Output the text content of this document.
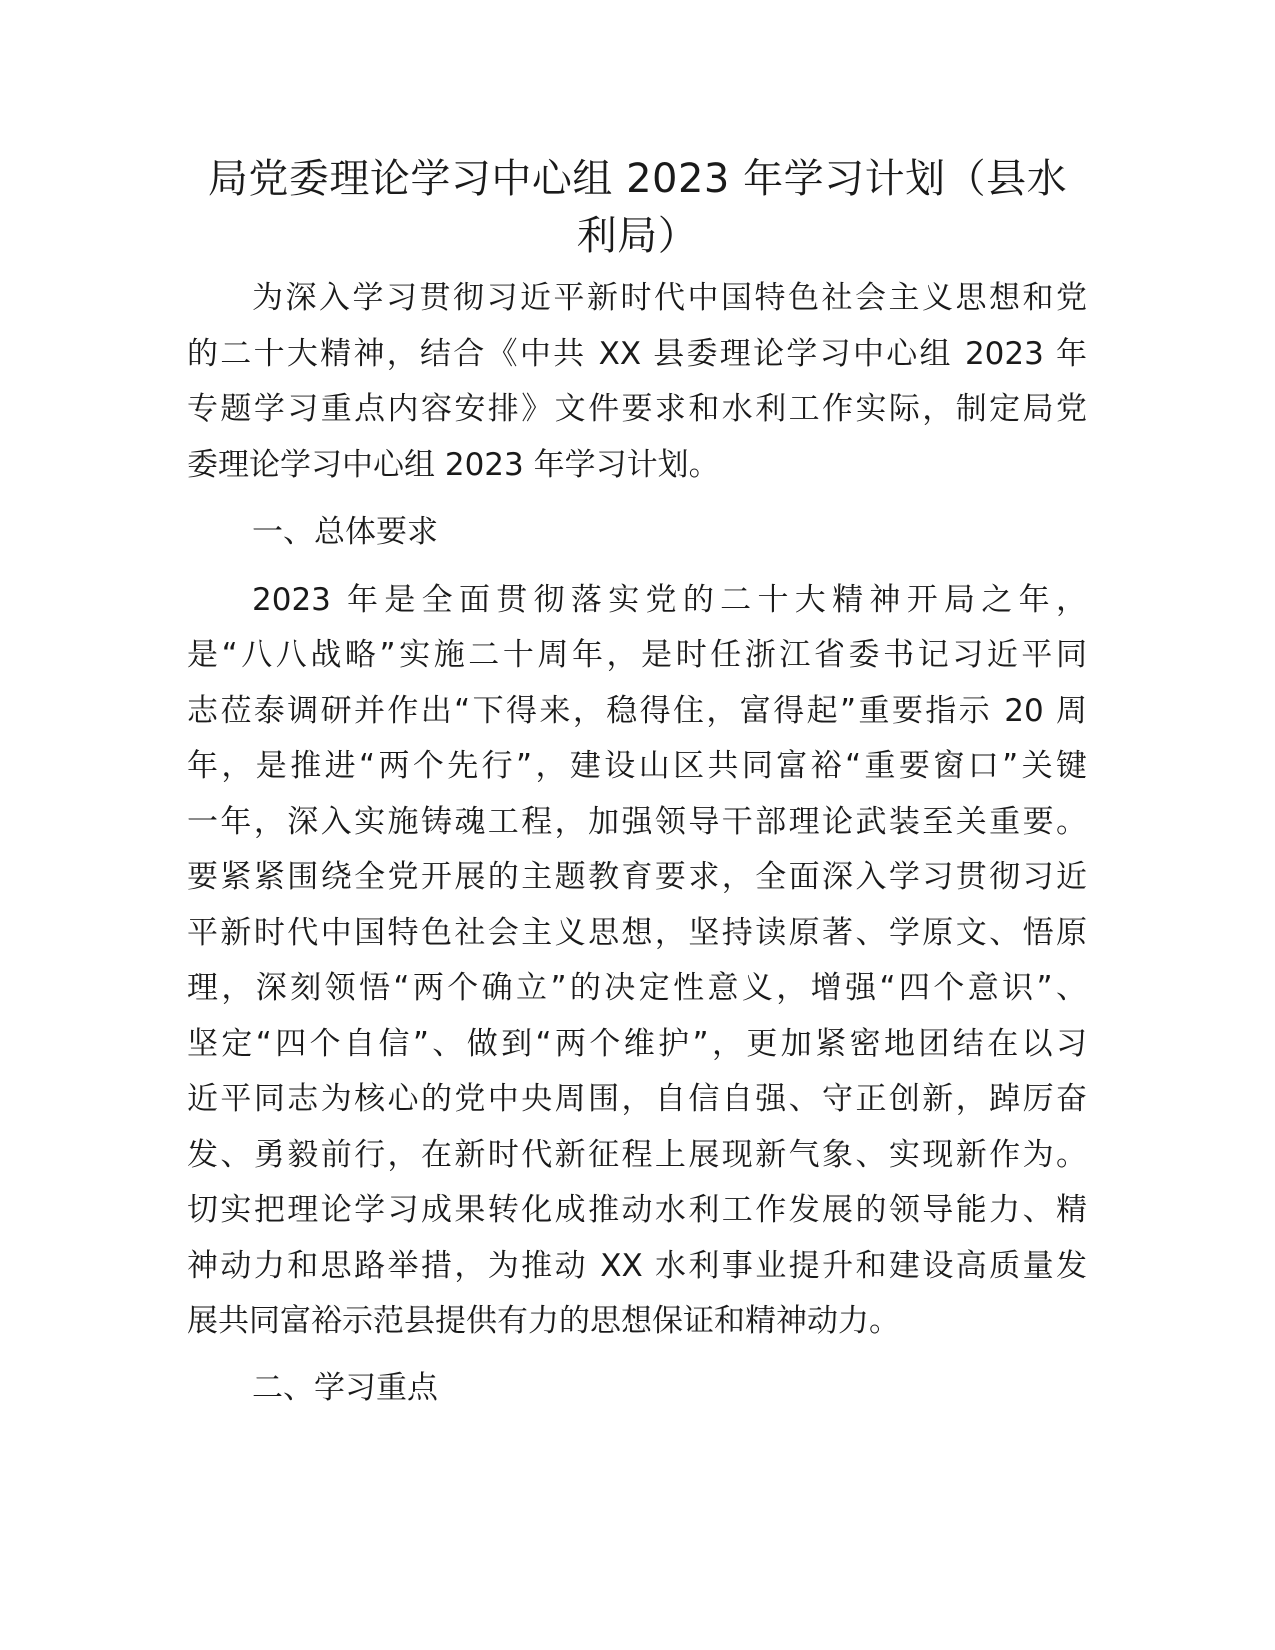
局党委理论学习中心组 2023 年学习计划（县水
利局）
为深入学习贯彻习近平新时代中国特色社会主义思想和党
的二十大精神，结合《中共 XX 县委理论学习中心组 2023 年
专题学习重点内容安排》文件要求和水利工作实际，制定局党
委理论学习中心组 2023 年学习计划。
一、总体要求
2023 年是全面贯彻落实党的二十大精神开局之年，
是“八八战略”实施二十周年，是时任浙江省委书记习近平同
志莅泰调研并作出“下得来，稳得住，富得起”重要指示 20 周
年，是推进“两个先行”，建设山区共同富裕“重要窗口”关键
一年，深入实施铸魂工程，加强领导干部理论武装至关重要。
要紧紧围绕全党开展的主题教育要求，全面深入学习贯彻习近
平新时代中国特色社会主义思想，坚持读原著、学原文、悟原
理，深刻领悟“两个确立”的决定性意义，增强“四个意识”、
坚定“四个自信”、做到“两个维护”，更加紧密地团结在以习
近平同志为核心的党中央周围，自信自强、守正创新，踔厉奋
发、勇毅前行，在新时代新征程上展现新气象、实现新作为。
切实把理论学习成果转化成推动水利工作发展的领导能力、精
神动力和思路举措，为推动 XX 水利事业提升和建设高质量发
展共同富裕示范县提供有力的思想保证和精神动力。
二、学习重点
